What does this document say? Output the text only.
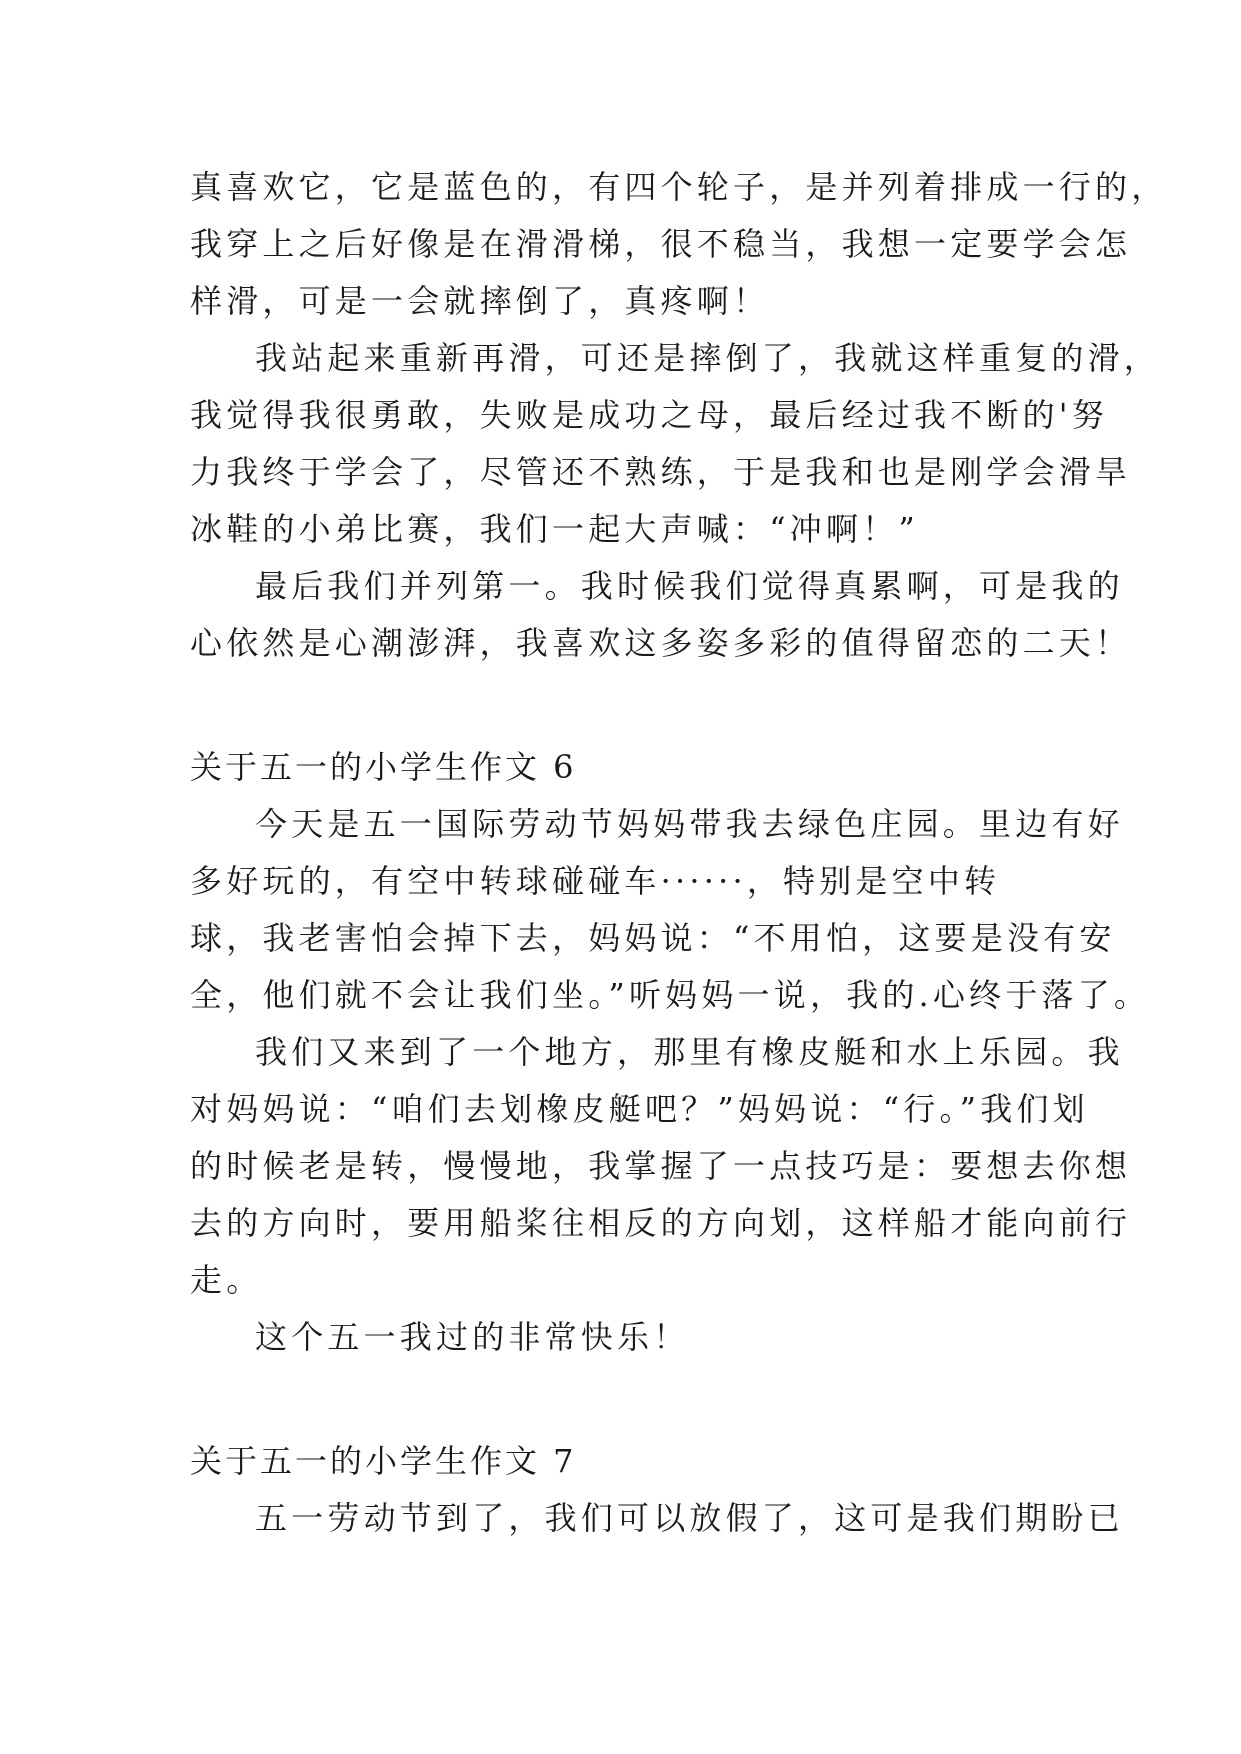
真喜欢它，它是蓝色的，有四个轮子，是并列着排成一行的，
我穿上之后好像是在滑滑梯，很不稳当，我想一定要学会怎
样滑，可是一会就摔倒了，真疼啊！
我站起来重新再滑，可还是摔倒了，我就这样重复的滑，
我觉得我很勇敢，失败是成功之母，最后经过我不断的'努
力我终于学会了，尽管还不熟练，于是我和也是刚学会滑旱
冰鞋的小弟比赛，我们一起大声喊：“冲啊！”
最后我们并列第一。我时候我们觉得真累啊，可是我的
心依然是心潮澎湃，我喜欢这多姿多彩的值得留恋的二天！
关于五一的小学生作文 6
今天是五一国际劳动节妈妈带我去绿色庄园。里边有好
多好玩的，有空中转球碰碰车······，特别是空中转
球，我老害怕会掉下去，妈妈说：“不用怕，这要是没有安
全，他们就不会让我们坐。”听妈妈一说，我的.心终于落了。
我们又来到了一个地方，那里有橡皮艇和水上乐园。我
对妈妈说：“咱们去划橡皮艇吧？”妈妈说：“行。”我们划
的时候老是转，慢慢地，我掌握了一点技巧是：要想去你想
去的方向时，要用船桨往相反的方向划，这样船才能向前行
走。
这个五一我过的非常快乐！
关于五一的小学生作文 7
五一劳动节到了，我们可以放假了，这可是我们期盼已
